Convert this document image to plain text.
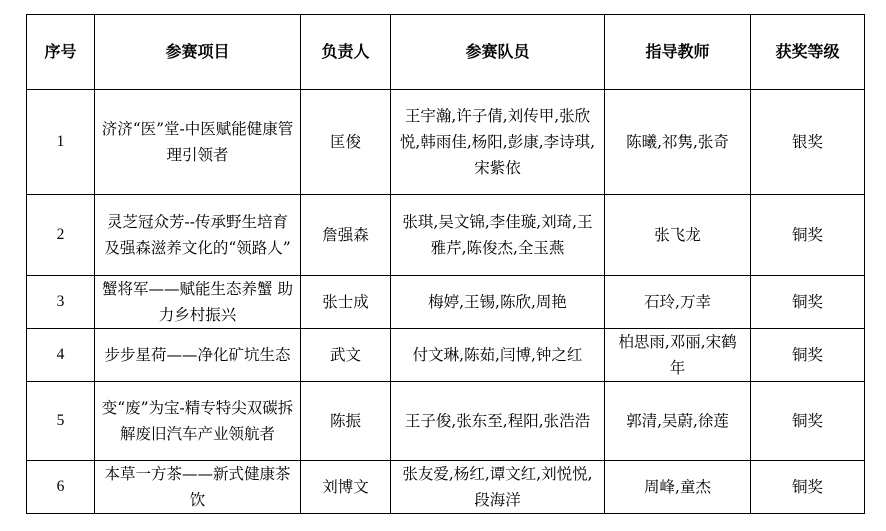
序号	参赛项目	负责人	参赛队员	指导教师	获奖等级
1	济济“医”堂-中医赋能健康管理引领者	匡俊	王宇瀚,许子倩,刘传甲,张欣悦,韩雨佳,杨阳,彭康,李诗琪,宋紫依	陈曦,祁隽,张奇	银奖
2	灵芝冠众芳--传承野生培育及强森滋养文化的“领路人”	詹强森	张琪,吴文锦,李佳璇,刘琦,王雅芹,陈俊杰,全玉燕	张飞龙	铜奖
3	蟹将军——赋能生态养蟹 助力乡村振兴	张士成	梅婷,王锡,陈欣,周艳	石玲,万幸	铜奖
4	步步星荷——净化矿坑生态	武文	付文琳,陈茹,闫博,钟之红	柏思雨,邓丽,宋鹤年	铜奖
5	变“废”为宝-精专特尖双碳拆解废旧汽车产业领航者	陈振	王子俊,张东至,程阳,张浩浩	郭清,吴蔚,徐莲	铜奖
6	本草一方茶——新式健康茶饮	刘博文	张友爱,杨红,谭文红,刘悦悦,段海洋	周峰,童杰	铜奖
